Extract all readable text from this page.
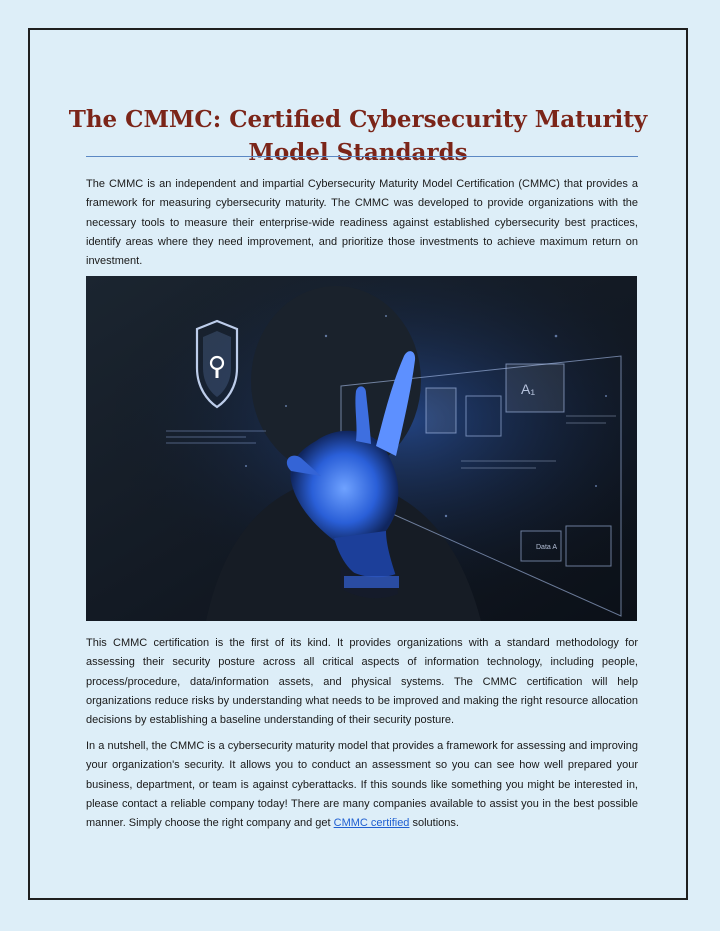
The CMMC: Certified Cybersecurity Maturity Model Standards

The CMMC is an independent and impartial Cybersecurity Maturity Model Certification (CMMC) that provides a framework for measuring cybersecurity maturity. The CMMC was developed to provide organizations with the necessary tools to measure their enterprise-wide readiness against established cybersecurity best practices, identify areas where they need improvement, and prioritize those investments to achieve maximum return on investment.

A₁
Data A

This CMMC certification is the first of its kind. It provides organizations with a standard methodology for assessing their security posture across all critical aspects of information technology, including people, process/procedure, data/information assets, and physical systems. The CMMC certification will help organizations reduce risks by understanding what needs to be improved and making the right resource allocation decisions by establishing a baseline understanding of their security posture.

In a nutshell, the CMMC is a cybersecurity maturity model that provides a framework for assessing and improving your organization's security. It allows you to conduct an assessment so you can see how well prepared your business, department, or team is against cyberattacks. If this sounds like something you might be interested in, please contact a reliable company today! There are many companies available to assist you in the best possible manner. Simply choose the right company and get CMMC certified solutions.
